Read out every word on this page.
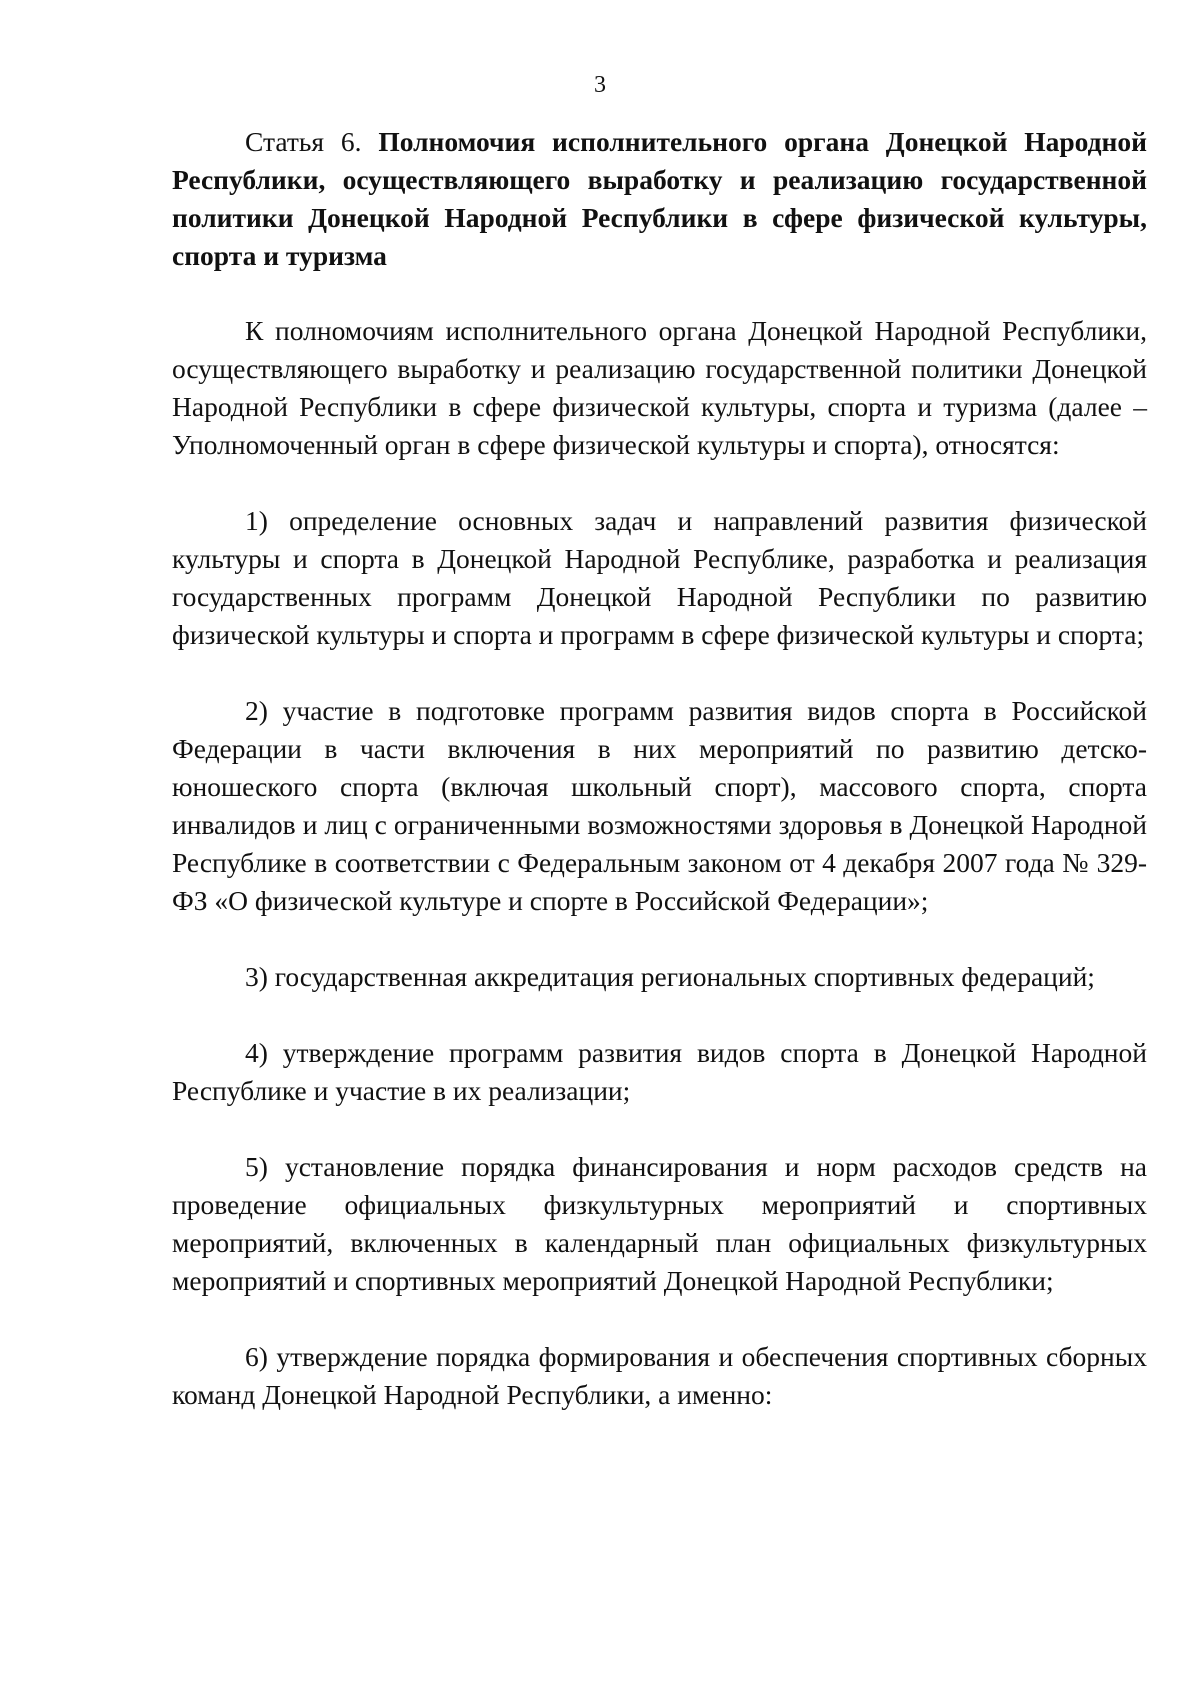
3

Статья 6. Полномочия исполнительного органа Донецкой Народной Республики, осуществляющего выработку и реализацию государственной политики Донецкой Народной Республики в сфере физической культуры, спорта и туризма

К полномочиям исполнительного органа Донецкой Народной Республики, осуществляющего выработку и реализацию государственной политики Донецкой Народной Республики в сфере физической культуры, спорта и туризма (далее – Уполномоченный орган в сфере физической культуры и спорта), относятся:

1) определение основных задач и направлений развития физической культуры и спорта в Донецкой Народной Республике, разработка и реализация государственных программ Донецкой Народной Республики по развитию физической культуры и спорта и программ в сфере физической культуры и спорта;

2) участие в подготовке программ развития видов спорта в Российской Федерации в части включения в них мероприятий по развитию детско-юношеского спорта (включая школьный спорт), массового спорта, спорта инвалидов и лиц с ограниченными возможностями здоровья в Донецкой Народной Республике в соответствии с Федеральным законом от 4 декабря 2007 года № 329-ФЗ «О физической культуре и спорте в Российской Федерации»;

3) государственная аккредитация региональных спортивных федераций;

4) утверждение программ развития видов спорта в Донецкой Народной Республике и участие в их реализации;

5) установление порядка финансирования и норм расходов средств на проведение официальных физкультурных мероприятий и спортивных мероприятий, включенных в календарный план официальных физкультурных мероприятий и спортивных мероприятий Донецкой Народной Республики;

6) утверждение порядка формирования и обеспечения спортивных сборных команд Донецкой Народной Республики, а именно:
